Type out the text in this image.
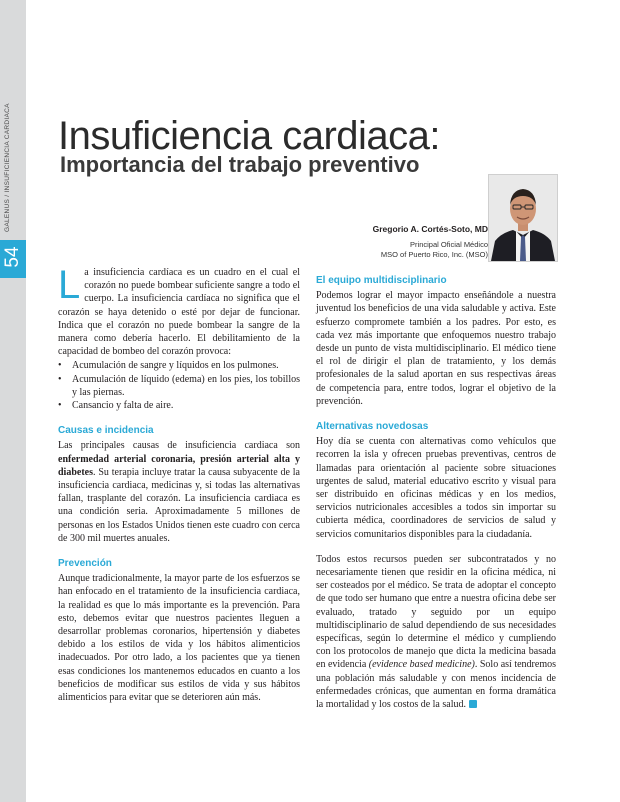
GALENUS / INSUFICIENCIA CARDIACA
54
Insuficiencia cardiaca:
Importancia del trabajo preventivo

Gregorio A. Cortés-Soto, MD

Principal Oficial Médico

MSO of Puerto Rico, Inc. (MSO)

La insuficiencia cardíaca es un cuadro en el cual el corazón no puede bombear suficiente sangre a todo el cuerpo. La insuficiencia cardíaca no significa que el corazón se haya detenido o esté por dejar de funcionar. Indica que el corazón no puede bombear la sangre de la manera como debería hacerlo. El debilitamiento de la capacidad de bombeo del corazón provoca:

• Acumulación de sangre y líquidos en los pulmones.
• Acumulación de líquido (edema) en los pies, los tobillos y las piernas.
• Cansancio y falta de aire.
Causas e incidencia

Las principales causas de insuficiencia cardiaca son enfermedad arterial coronaria, presión arterial alta y diabetes. Su terapia incluye tratar la causa subyacente de la insuficiencia cardiaca, medicinas y, si todas las alternativas fallan, trasplante del corazón. La insuficiencia cardiaca es una condición seria. Aproximadamente 5 millones de personas en los Estados Unidos tienen este cuadro con cerca de 300 mil muertes anuales.

Prevención

Aunque tradicionalmente, la mayor parte de los esfuerzos se han enfocado en el tratamiento de la insuficiencia cardiaca, la realidad es que lo más importante es la prevención. Para esto, debemos evitar que nuestros pacientes lleguen a desarrollar problemas coronarios, hipertensión y diabetes debido a los estilos de vida y los hábitos alimenticios inadecuados. Por otro lado, a los pacientes que ya tienen esas condiciones los mantenemos educados en cuanto a los beneficios de modificar sus estilos de vida y sus hábitos alimenticios para evitar que se deterioren aún más.

El equipo multidisciplinario

Podemos lograr el mayor impacto enseñándole a nuestra juventud los beneficios de una vida saludable y activa. Este esfuerzo compromete también a los padres. Por esto, es cada vez más importante que enfoquemos nuestro trabajo desde un punto de vista multidisciplinario. El médico tiene el rol de dirigir el plan de tratamiento, y los demás profesionales de la salud aportan en sus respectivas áreas de competencia para, entre todos, lograr el objetivo de la prevención.

Alternativas novedosas

Hoy día se cuenta con alternativas como vehículos que recorren la isla y ofrecen pruebas preventivas, centros de llamadas para orientación al paciente sobre situaciones urgentes de salud, material educativo escrito y visual para ser distribuido en oficinas médicas y en los medios, servicios nutricionales accesibles a todos sin importar su cubierta médica, coordinadores de servicios de salud y servicios comunitarios disponibles para la ciudadanía.

Todos estos recursos pueden ser subcontratados y no necesariamente tienen que residir en la oficina médica, ni ser costeados por el médico. Se trata de adoptar el concepto de que todo ser humano que entre a nuestra oficina debe ser evaluado, tratado y seguido por un equipo multidisciplinario de salud dependiendo de sus necesidades específicas, según lo determine el médico y cumpliendo con los protocolos de manejo que dicta la medicina basada en evidencia (evidence based medicine). Solo así tendremos una población más saludable y con menos incidencia de enfermedades crónicas, que aumentan en forma dramática la mortalidad y los costos de la salud.
